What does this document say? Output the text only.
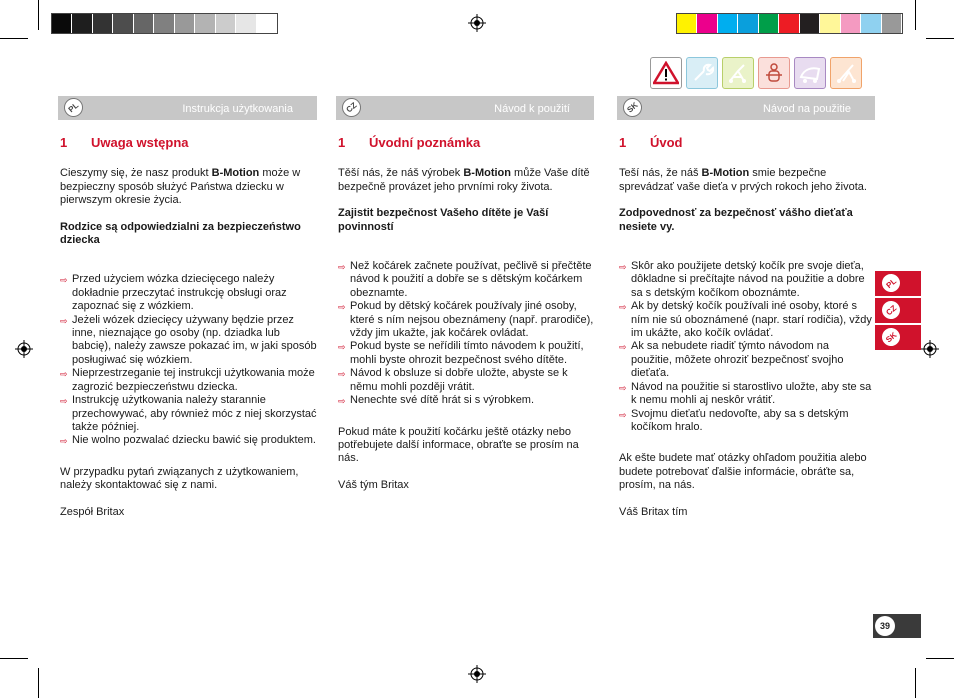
PL	Instrukcja użytkowania
1	Uwaga wstępna

Cieszymy się, że nasz produkt B-Motion może w bezpieczny sposób służyć Państwa dziecku w pierwszym okresie życia.

Rodzice są odpowiedzialni za bezpieczeństwo dziecka

⇨ Przed użyciem wózka dziecięcego należy dokładnie przeczytać instrukcję obsługi oraz zapoznać się z wózkiem.
⇨ Jeżeli wózek dziecięcy używany będzie przez inne, nieznające go osoby (np. dziadka lub babcię), należy zawsze pokazać im, w jaki sposób posługiwać się wózkiem.
⇨ Nieprzestrzeganie tej instrukcji użytkowania może zagrozić bezpieczeństwu dziecka.
⇨ Instrukcję użytkowania należy starannie przechowywać, aby również móc z niej skorzystać także później.
⇨ Nie wolno pozwalać dziecku bawić się produktem.

W przypadku pytań związanych z użytkowaniem, należy skontaktować się z nami.

Zespół Britax

CZ	Návod k použití
1	Úvodní poznámka

Těší nás, že náš výrobek B-Motion může Vaše dítě bezpečně provázet jeho prvními roky života.

Zajistit bezpečnost Vašeho dítěte je Vaší povinností

⇨ Než kočárek začnete používat, pečlivě si přečtěte návod k použití a dobře se s dětským kočárkem obeznamte.
⇨ Pokud by dětský kočárek používaly jiné osoby, které s ním nejsou obeznámeny (např. prarodiče), vždy jim ukažte, jak kočárek ovládat.
⇨ Pokud byste se neřídili tímto návodem k použití, mohli byste ohrozit bezpečnost svého dítěte.
⇨ Návod k obsluze si dobře uložte, abyste se k němu mohli později vrátit.
⇨ Nenechte své dítě hrát si s výrobkem.

Pokud máte k použití kočárku ještě otázky nebo potřebujete další informace, obraťte se prosím na nás.

Váš tým Britax

SK	Návod na použitie
1	Úvod

Teší nás, že náš B-Motion smie bezpečne sprevádzať vaše dieťa v prvých rokoch jeho života.

Zodpovednosť za bezpečnosť vášho dieťaťa nesiete vy.

⇨ Skôr ako použijete detský kočík pre svoje dieťa, dôkladne si prečítajte návod na použitie a dobre sa s detským kočíkom oboznámte.
⇨ Ak by detský kočík používali iné osoby, ktoré s ním nie sú oboznámené (napr. starí rodičia), vždy im ukážte, ako kočík ovládať.
⇨ Ak sa nebudete riadiť týmto návodom na použitie, môžete ohroziť bezpečnosť svojho dieťaťa.
⇨ Návod na použitie si starostlivo uložte, aby ste sa k nemu mohli aj neskôr vrátiť.
⇨ Svojmu dieťaťu nedovoľte, aby sa s detským kočíkom hralo.

Ak ešte budete mať otázky ohľadom použitia alebo budete potrebovať ďalšie informácie, obráťte sa, prosím, na nás.

Váš Britax tím

PL
CZ
SK
39
